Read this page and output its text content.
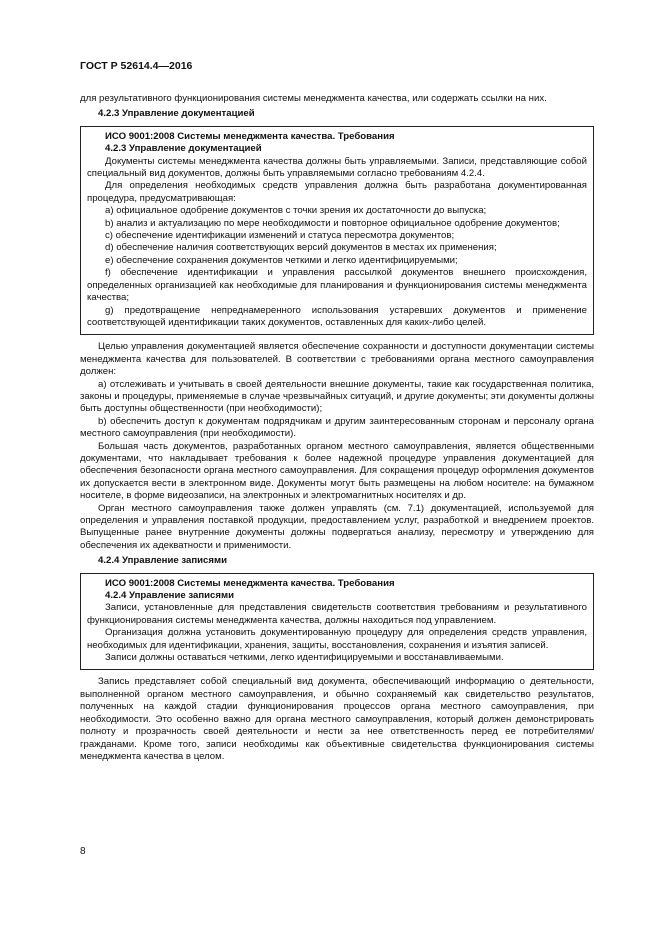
ГОСТ Р 52614.4—2016

для результативного функционирования системы менеджмента качества, или содержать ссылки на них.

4.2.3 Управление документацией
ИСО 9001:2008 Системы менеджмента качества. Требования
4.2.3 Управление документацией

Документы системы менеджмента качества должны быть управляемыми. Записи, представляющие собой специальный вид документов, должны быть управляемыми согласно требованиям 4.2.4.

Для определения необходимых средств управления должна быть разработана документированная процедура, предусматривающая:

а) официальное одобрение документов с точки зрения их достаточности до выпуска;

b) анализ и актуализацию по мере необходимости и повторное официальное одобрение документов;

c) обеспечение идентификации изменений и статуса пересмотра документов;

d) обеспечение наличия соответствующих версий документов в местах их применения;

e) обеспечение сохранения документов четкими и легко идентифицируемыми;

f) обеспечение идентификации и управления рассылкой документов внешнего происхождения, определенных организацией как необходимые для планирования и функционирования системы менеджмента качества;

g) предотвращение непреднамеренного использования устаревших документов и применение соответствующей идентификации таких документов, оставленных для каких-либо целей.

Целью управления документацией является обеспечение сохранности и доступности документации системы менеджмента качества для пользователей. В соответствии с требованиями органа местного самоуправления должен:

а) отслеживать и учитывать в своей деятельности внешние документы, такие как государственная политика, законы и процедуры, применяемые в случае чрезвычайных ситуаций, и другие документы; эти документы должны быть доступны общественности (при необходимости);

b) обеспечить доступ к документам подрядчикам и другим заинтересованным сторонам и персоналу органа местного самоуправления (при необходимости).

Большая часть документов, разработанных органом местного самоуправления, является общественными документами, что накладывает требования к более надежной процедуре управления документацией для обеспечения безопасности органа местного самоуправления. Для сокращения процедур оформления документов их допускается вести в электронном виде. Документы могут быть размещены на любом носителе: на бумажном носителе, в форме видеозаписи, на электронных и электромагнитных носителях и др.

Орган местного самоуправления также должен управлять (см. 7.1) документацией, используемой для определения и управления поставкой продукции, предоставлением услуг, разработкой и внедрением проектов. Выпущенные ранее внутренние документы должны подвергаться анализу, пересмотру и утверждению для обеспечения их адекватности и применимости.

4.2.4 Управление записями
ИСО 9001:2008 Системы менеджмента качества. Требования
4.2.4 Управление записями

Записи, установленные для представления свидетельств соответствия требованиям и результативного функционирования системы менеджмента качества, должны находиться под управлением.

Организация должна установить документированную процедуру для определения средств управления, необходимых для идентификации, хранения, защиты, восстановления, сохранения и изъятия записей.

Записи должны оставаться четкими, легко идентифицируемыми и восстанавливаемыми.

Запись представляет собой специальный вид документа, обеспечивающий информацию о деятельности, выполненной органом местного самоуправления, и обычно сохраняемый как свидетельство результатов, полученных на каждой стадии функционирования процессов органа местного самоуправления, при необходимости. Это особенно важно для органа местного самоуправления, который должен демонстрировать полноту и прозрачность своей деятельности и нести за нее ответственность перед ее потребителями/гражданами. Кроме того, записи необходимы как объективные свидетельства функционирования системы менеджмента качества в целом.

8
